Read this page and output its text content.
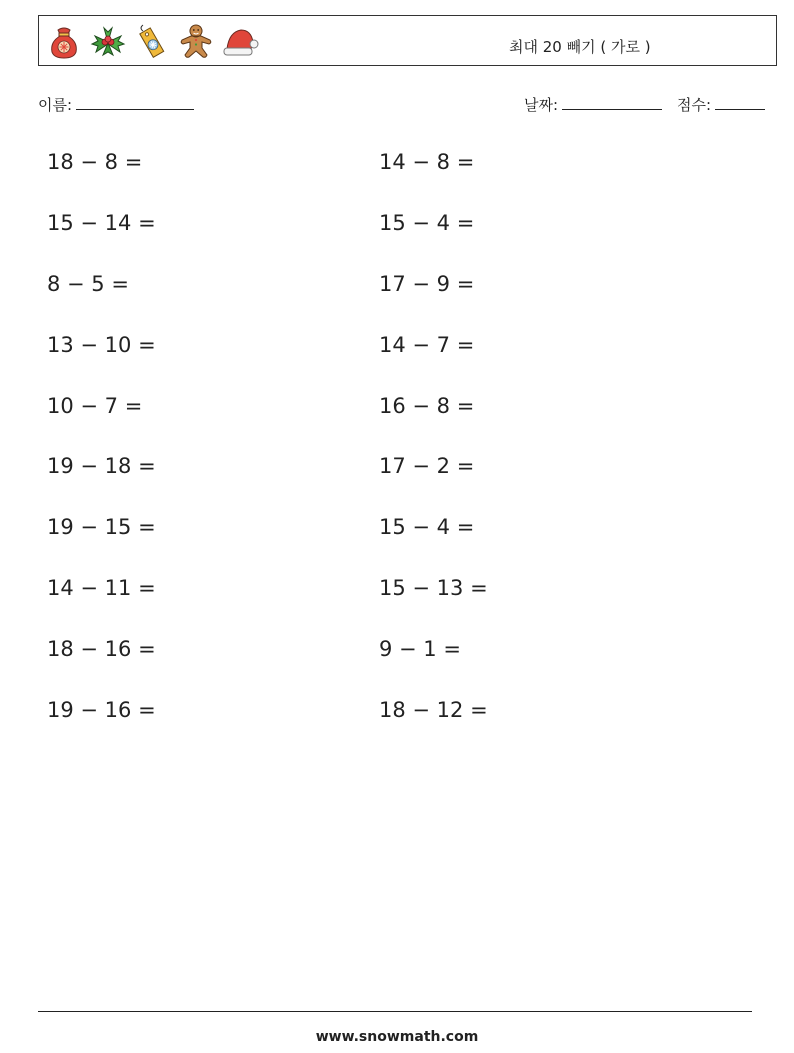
최대 20 빼기 ( 가로 )
이름:	날짜:	점수:
18 − 8 =
15 − 14 =
8 − 5 =
13 − 10 =
10 − 7 =
19 − 18 =
19 − 15 =
14 − 11 =
18 − 16 =
19 − 16 =
14 − 8 =
15 − 4 =
17 − 9 =
14 − 7 =
16 − 8 =
17 − 2 =
15 − 4 =
15 − 13 =
9 − 1 =
18 − 12 =
www.snowmath.com
